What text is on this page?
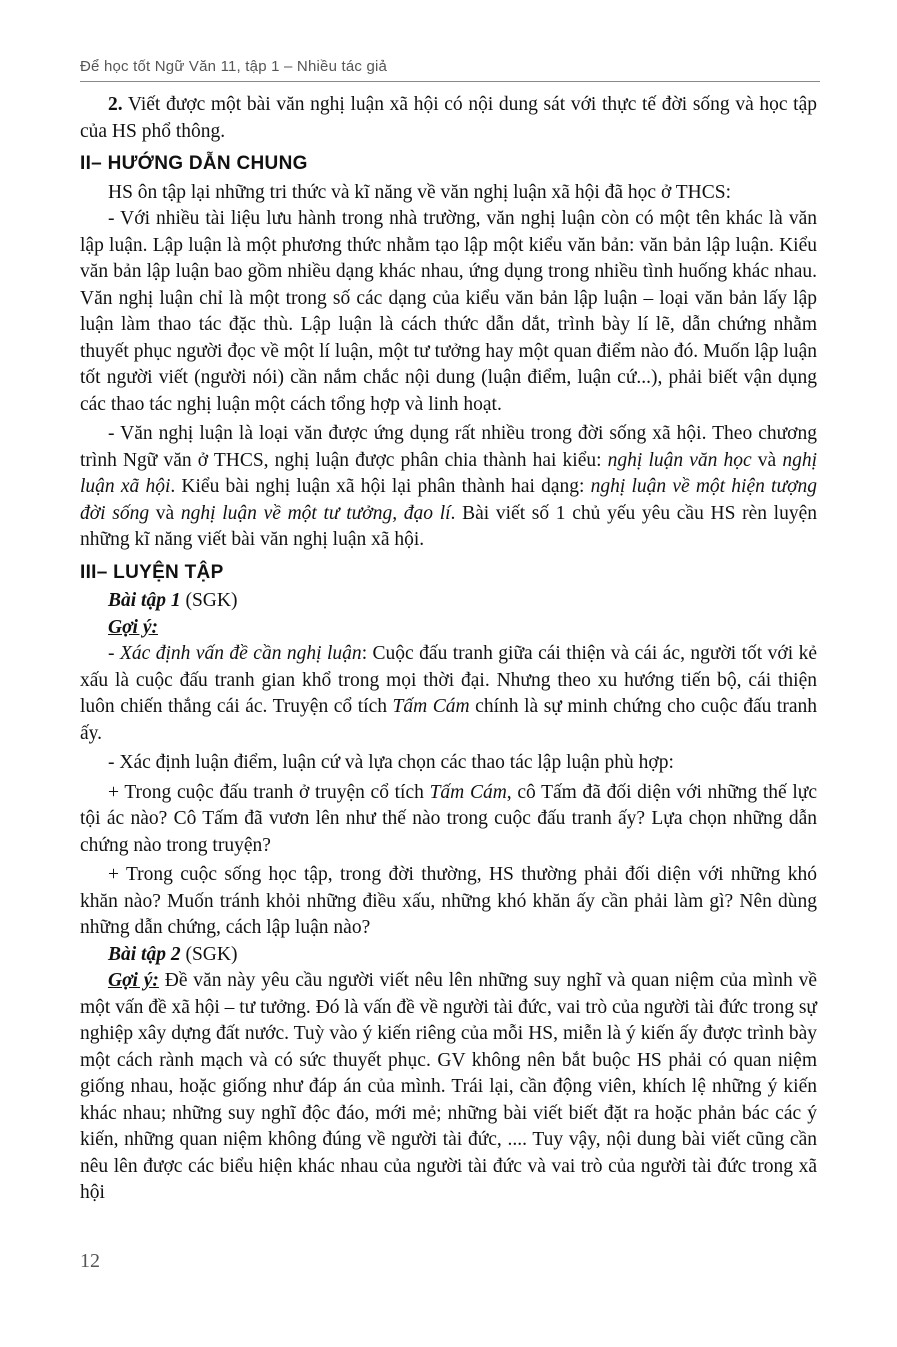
Để học tốt Ngữ Văn 11, tập 1 – Nhiều tác giả

2. Viết được một bài văn nghị luận xã hội có nội dung sát với thực tế đời sống và học tập của HS phổ thông.

II– HƯỚNG DẪN CHUNG

HS ôn tập lại những tri thức và kĩ năng về văn nghị luận xã hội đã học ở THCS:

- Với nhiều tài liệu lưu hành trong nhà trường, văn nghị luận còn có một tên khác là văn lập luận. Lập luận là một phương thức nhằm tạo lập một kiểu văn bản: văn bản lập luận. Kiểu văn bản lập luận bao gồm nhiều dạng khác nhau, ứng dụng trong nhiều tình huống khác nhau. Văn nghị luận chỉ là một trong số các dạng của kiểu văn bản lập luận – loại văn bản lấy lập luận làm thao tác đặc thù. Lập luận là cách thức dẫn dắt, trình bày lí lẽ, dẫn chứng nhằm thuyết phục người đọc về một lí luận, một tư tưởng hay một quan điểm nào đó. Muốn lập luận tốt người viết (người nói) cần nắm chắc nội dung (luận điểm, luận cứ...), phải biết vận dụng các thao tác nghị luận một cách tổng hợp và linh hoạt.

- Văn nghị luận là loại văn được ứng dụng rất nhiều trong đời sống xã hội. Theo chương trình Ngữ văn ở THCS, nghị luận được phân chia thành hai kiểu: nghị luận văn học và nghị luận xã hội. Kiểu bài nghị luận xã hội lại phân thành hai dạng: nghị luận về một hiện tượng đời sống và nghị luận về một tư tưởng, đạo lí. Bài viết số 1 chủ yếu yêu cầu HS rèn luyện những kĩ năng viết bài văn nghị luận xã hội.

III– LUYỆN TẬP

Bài tập 1 (SGK)

Gợi ý:

- Xác định vấn đề cần nghị luận: Cuộc đấu tranh giữa cái thiện và cái ác, người tốt với kẻ xấu là cuộc đấu tranh gian khổ trong mọi thời đại. Nhưng theo xu hướng tiến bộ, cái thiện luôn chiến thắng cái ác. Truyện cổ tích Tấm Cám chính là sự minh chứng cho cuộc đấu tranh ấy.

- Xác định luận điểm, luận cứ và lựa chọn các thao tác lập luận phù hợp:

+ Trong cuộc đấu tranh ở truyện cổ tích Tấm Cám, cô Tấm đã đối diện với những thế lực tội ác nào? Cô Tấm đã vươn lên như thế nào trong cuộc đấu tranh ấy? Lựa chọn những dẫn chứng nào trong truyện?

+ Trong cuộc sống học tập, trong đời thường, HS thường phải đối diện với những khó khăn nào? Muốn tránh khỏi những điều xấu, những khó khăn ấy cần phải làm gì? Nên dùng những dẫn chứng, cách lập luận nào?

Bài tập 2 (SGK)

Gợi ý: Đề văn này yêu cầu người viết nêu lên những suy nghĩ và quan niệm của mình về một vấn đề xã hội – tư tưởng. Đó là vấn đề về người tài đức, vai trò của người tài đức trong sự nghiệp xây dựng đất nước. Tuỳ vào ý kiến riêng của mỗi HS, miễn là ý kiến ấy được trình bày một cách rành mạch và có sức thuyết phục. GV không nên bắt buộc HS phải có quan niệm giống nhau, hoặc giống như đáp án của mình. Trái lại, cần động viên, khích lệ những ý kiến khác nhau; những suy nghĩ độc đáo, mới mẻ; những bài viết biết đặt ra hoặc phản bác các ý kiến, những quan niệm không đúng về người tài đức, .... Tuy vậy, nội dung bài viết cũng cần nêu lên được các biểu hiện khác nhau của người tài đức và vai trò của người tài đức trong xã hội

12
